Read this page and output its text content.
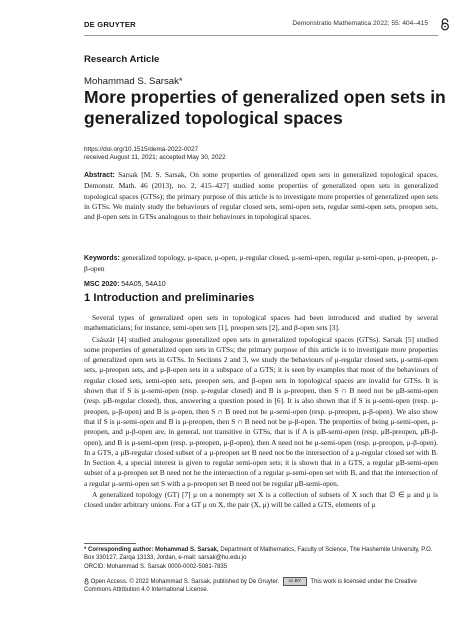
DE GRUYTER	Demonstratio Mathematica 2022; 55: 404–415
Research Article
Mohammad S. Sarsak*
More properties of generalized open sets in generalized topological spaces
https://doi.org/10.1515/dema-2022-0027
received August 11, 2021; accepted May 30, 2022
Abstract: Sarsak [M. S. Sarsak, On some properties of generalized open sets in generalized topological spaces, Demonstr. Math. 46 (2013), no. 2, 415–427] studied some properties of generalized open sets in generalized topological spaces (GTSs); the primary purpose of this article is to investigate more properties of generalized open sets in GTSs. We mainly study the behaviours of regular closed sets, semi-open sets, regular semi-open sets, preopen sets, and β-open sets in GTSs analogous to their behaviours in topological spaces.
Keywords: generalized topology, μ-space, μ-open, μ-regular closed, μ-semi-open, regular μ-semi-open, μ-preopen, μ-β-open
MSC 2020: 54A05, 54A10
1 Introduction and preliminaries

Several types of generalized open sets in topological spaces had been introduced and studied by several mathematicians; for instance, semi-open sets [1], preopen sets [2], and β-open sets [3].

Császár [4] studied analogous generalized open sets in generalized topological spaces (GTSs). Sarsak [5] studied some properties of generalized open sets in GTSs; the primary purpose of this article is to investigate more properties of generalized open sets in GTSs. In Sections 2 and 3, we study the behaviours of μ-regular closed sets, μ-semi-open sets, μ-preopen sets, and μ-β-open sets in a subspace of a GTS; it is seen by examples that most of the behaviours of regular closed sets, semi-open sets, preopen sets, and β-open sets in topological spaces are invalid for GTSs. It is shown that if S is μ-semi-open (resp. μ-regular closed) and B is μ-preopen, then S ∩ B need not be μB-semi-open (resp. μB-regular closed), thus, answering a question posed in [6]. It is also shown that if S is μ-semi-open (resp. μ-preopen, μ-β-open) and B is μ-open, then S ∩ B need not be μ-semi-open (resp. μ-preopen, μ-β-open). We also show that if S is μ-semi-open and B is μ-preopen, then S ∩ B need not be μ-β-open. The properties of being μ-semi-open, μ-preopen, and μ-β-open are, in general, not transitive in GTSs, that is if A is μB-semi-open (resp. μB-preopen, μB-β-open), and B is μ-semi-open (resp. μ-preopen, μ-β-open), then A need not be μ-semi-open (resp. μ-preopen, μ-β-open). In a GTS, a μB-regular closed subset of a μ-preopen set B need not be the intersection of a μ-regular closed set with B. In Section 4, a special interest is given to regular semi-open sets; it is shown that in a GTS, a regular μB-semi-open subset of a μ-preopen set B need not be the intersection of a regular μ-semi-open set with B, and that the intersection of a regular μ-semi-open set S with a μ-preopen set B need not be regular μB-semi-open.

A generalized topology (GT) [7] μ on a nonempty set X is a collection of subsets of X such that ∅ ∈ μ and μ is closed under arbitrary unions. For a GT μ on X, the pair (X, μ) will be called a GTS, elements of μ

* Corresponding author: Mohammad S. Sarsak, Department of Mathematics, Faculty of Science, The Hashemite University, P.O. Box 330127, Zarqa 13133, Jordan, e-mail: sarsak@hu.edu.jo
ORCID: Mohammad S. Sarsak 0000-0002-5081-7835
Open Access. © 2022 Mohammad S. Sarsak, published by De Gruyter. cc BY This work is licensed under the Creative Commons Attribution 4.0 International License.
